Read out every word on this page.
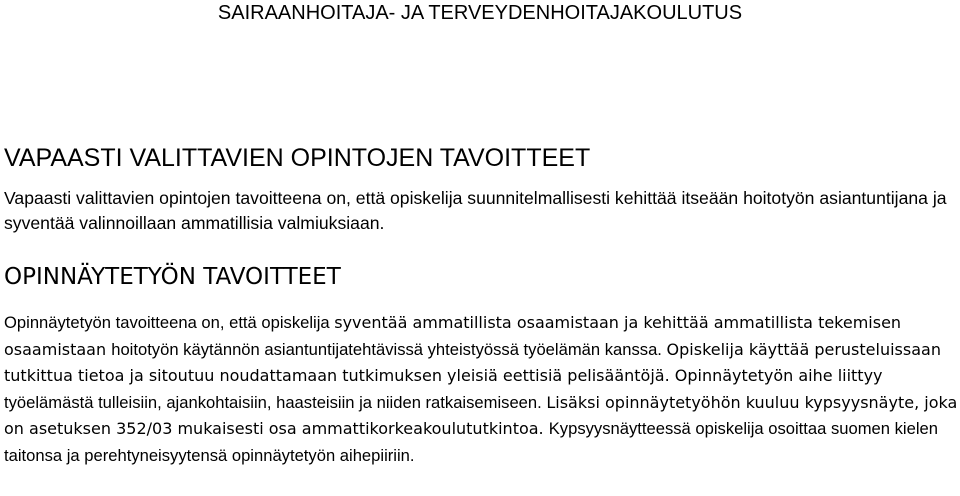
SAIRAANHOITAJA- JA TERVEYDENHOITAJAKOULUTUS
VAPAASTI VALITTAVIEN OPINTOJEN TAVOITTEET
Vapaasti valittavien opintojen tavoitteena on, että opiskelija suunnitelmallisesti kehittää itseään hoitotyön asiantuntijana ja syventää valinnoillaan ammatillisia valmiuksiaan.
OPINNÄYTETYÖN TAVOITTEET
Opinnäytetyön tavoitteena on, että opiskelija syventää ammatillista osaamistaan ja kehittää ammatillista tekemisen osaamistaan hoitotyön käytännön asiantuntijatehtävissä yhteistyössä työelämän kanssa. Opiskelija käyttää perusteluissaan tutkittua tietoa ja sitoutuu noudattamaan tutkimuksen yleisiä eettisiä pelisääntöjä. Opinnäytetyön aihe liittyy työelämästä tulleisiin, ajankohtaisiin, haasteisiin ja niiden ratkaisemiseen. Lisäksi opinnäytetyöhön kuuluu kypsyysnäyte, joka on asetuksen 352/03 mukaisesti osa ammattikorkeakoulututkintoa. Kypsyysnäytteessä opiskelija osoittaa suomen kielen taitonsa ja perehtyneisyytensä opinnäytetyön aihepiiriin.
